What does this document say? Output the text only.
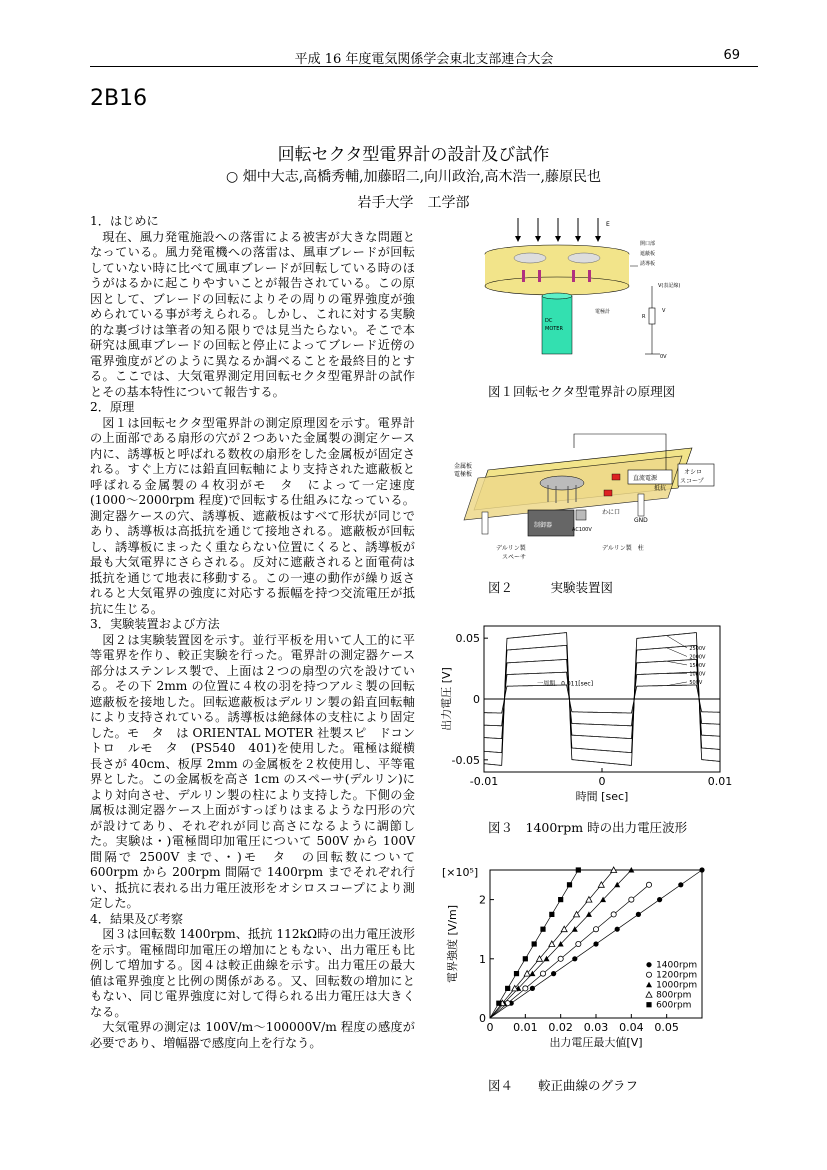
平成 16 年度電気関係学会東北支部連合大会	69
2B16
回転セクタ型電界計の設計及び試作
○ 畑中大志,高橋秀輔,加藤昭二,向川政治,高木浩一,藤原民也
岩手大学　工学部
1．はじめに

現在、風力発電施設への落雷による被害が大きな問題となっている。風力発電機への落雷は、風車ブレードが回転していない時に比べて風車ブレードが回転している時のほうがはるかに起こりやすいことが報告されている。この原因として、ブレードの回転によりその周りの電界強度が強められている事が考えられる。しかし、これに対する実験的な裏づけは筆者の知る限りでは見当たらない。そこで本研究は風車ブレードの回転と停止によってブレード近傍の電界強度がどのように異なるか調べることを最終目的とする。ここでは、大気電界測定用回転セクタ型電界計の試作とその基本特性について報告する。

2．原理

図１は回転セクタ型電界計の測定原理図を示す。電界計の上面部である扇形の穴が２つあいた金属製の測定ケース内に、誘導板と呼ばれる数枚の扇形をした金属板が固定される。すぐ上方には鉛直回転軸により支持された遮蔽板と呼ばれる金属製の４枚羽がモ　タ　によって一定速度(1000～2000rpm 程度)で回転する仕組みになっている。測定器ケースの穴、誘導板、遮蔽板はすべて形状が同じであり、誘導板は高抵抗を通じて接地される。遮蔽板が回転し、誘導板にまったく重ならない位置にくると、誘導板が最も大気電界にさらされる。反対に遮蔽されると面電荷は抵抗を通じて地表に移動する。この一連の動作が繰り返されると大気電界の強度に対応する振幅を持つ交流電圧が抵抗に生じる。

3．実験装置および方法

図２は実験装置図を示す。並行平板を用いて人工的に平等電界を作り、較正実験を行った。電界計の測定器ケース部分はステンレス製で、上面は２つの扇型の穴を設けている。その下 2mm の位置に４枚の羽を持つアルミ製の回転遮蔽板を接地した。回転遮蔽板はデルリン製の鉛直回転軸により支持されている。誘導板は絶縁体の支柱により固定した。モ　タ　は ORIENTAL MOTER 社製スピ　ドコントロ　ルモ　タ　(PS540　401)を使用した。電極は縦横長さが 40cm、板厚 2mm の金属板を２枚使用し、平等電界とした。この金属板を高さ 1cm のスペーサ(デルリン)により対向させ、デルリン製の柱により支持した。下側の金属板は測定器ケース上面がすっぽりはまるような円形の穴が設けてあり、それぞれが同じ高さになるように調節した。実験は・)電極間印加電圧について 500V から 100V 間隔で 2500V まで、・)モ　タ　の回転数について 600rpm から 200rpm 間隔で 1400rpm までそれぞれ行い、抵抗に表れる出力電圧波形をオシロスコープにより測定した。

4．結果及び考察

図３は回転数 1400rpm、抵抗 112kΩ時の出力電圧波形を示す。電極間印加電圧の増加にともない、出力電圧も比例して増加する。図４は較正曲線を示す。出力電圧の最大値は電界強度と比例の関係がある。又、回転数の増加にともない、同じ電界強度に対して得られる出力電圧は大きくなる。

大気電界の測定は 100V/m～100000V/m 程度の感度が必要であり、増幅器で感度向上を行なう。

E
DC
MOTER
開口部
遮蔽板
誘導板
電極計
V(表記線)
R
V
0V
図１回転セクタ型電界計の原理図
制御器
AC100V
直流電源
抵抗
オシロ
スコープ
金属板
電極板
わに口
GND
デルリン製
スペーサ
デルリン製　柱
図２　　　実験装置図
0.05
0
-0.05
-0.01	0	0.01
時間 [sec]
出力電圧 [V]
2500V
2000V
1500V
1000V
500V
一周期　0.011[sec]
図３　1400rpm 時の出力電圧波形
[×10⁵]
0
1
2
0 0.01 0.02 0.03 0.04 0.05
出力電圧最大値[V]
電界強度 [V/m]	1400rpm
1200rpm
1000rpm
800rpm
600rpm
図４　　較正曲線のグラフ
